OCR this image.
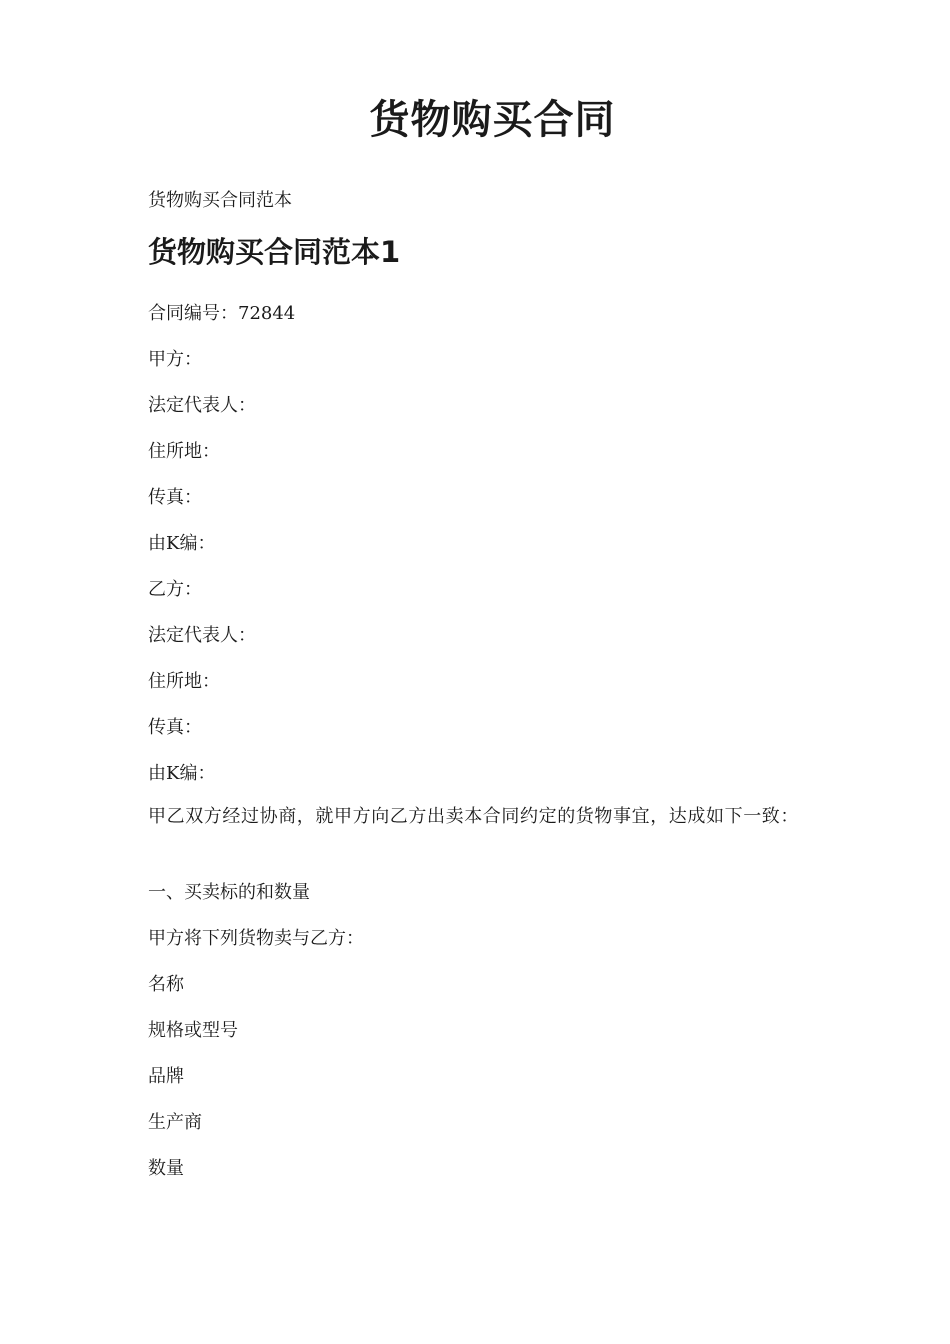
货物购买合同

货物购买合同范本

货物购买合同范本1

合同编号：72844

甲方：

法定代表人：

住所地：

传真：

由K编：

乙方：

法定代表人：

住所地：

传真：

由K编：

甲乙双方经过协商，就甲方向乙方出卖本合同约定的货物事宜，达成如下一致：

一、买卖标的和数量

甲方将下列货物卖与乙方：

名称

规格或型号

品牌

生产商

数量
